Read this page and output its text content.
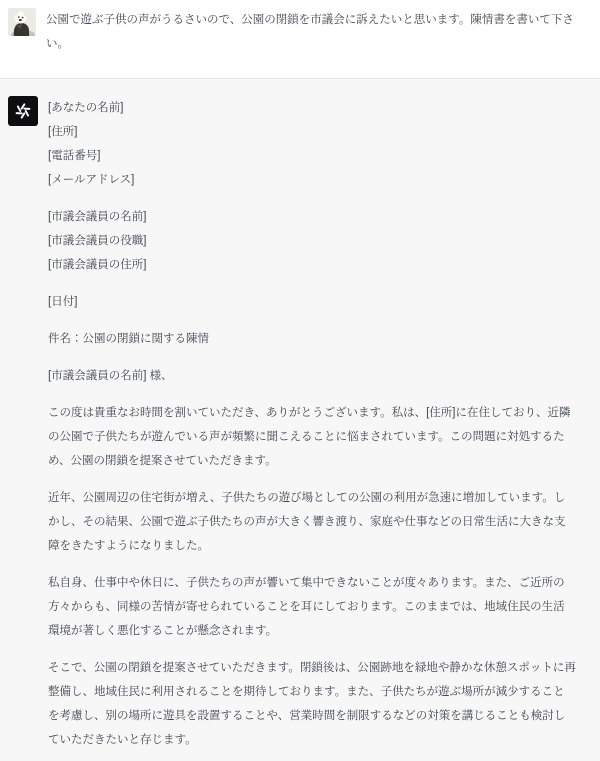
公園で遊ぶ子供の声がうるさいので、公園の閉鎖を市議会に訴えたいと思います。陳情書を書いて下さい。

[あなたの名前]
[住所]
[電話番号]
[メールアドレス]

[市議会議員の名前]
[市議会議員の役職]
[市議会議員の住所]

[日付]

件名：公園の閉鎖に関する陳情

[市議会議員の名前] 様、

この度は貴重なお時間を割いていただき、ありがとうございます。私は、[住所]に在住しており、近隣の公園で子供たちが遊んでいる声が頻繁に聞こえることに悩まされています。この問題に対処するため、公園の閉鎖を提案させていただきます。

近年、公園周辺の住宅街が増え、子供たちの遊び場としての公園の利用が急速に増加しています。しかし、その結果、公園で遊ぶ子供たちの声が大きく響き渡り、家庭や仕事などの日常生活に大きな支障をきたすようになりました。

私自身、仕事中や休日に、子供たちの声が響いて集中できないことが度々あります。また、ご近所の方々からも、同様の苦情が寄せられていることを耳にしております。このままでは、地域住民の生活環境が著しく悪化することが懸念されます。

そこで、公園の閉鎖を提案させていただきます。閉鎖後は、公園跡地を緑地や静かな休憩スポットに再整備し、地域住民に利用されることを期待しております。また、子供たちが遊ぶ場所が減少することを考慮し、別の場所に遊具を設置することや、営業時間を制限するなどの対策を講じることも検討していただきたいと存じます。
